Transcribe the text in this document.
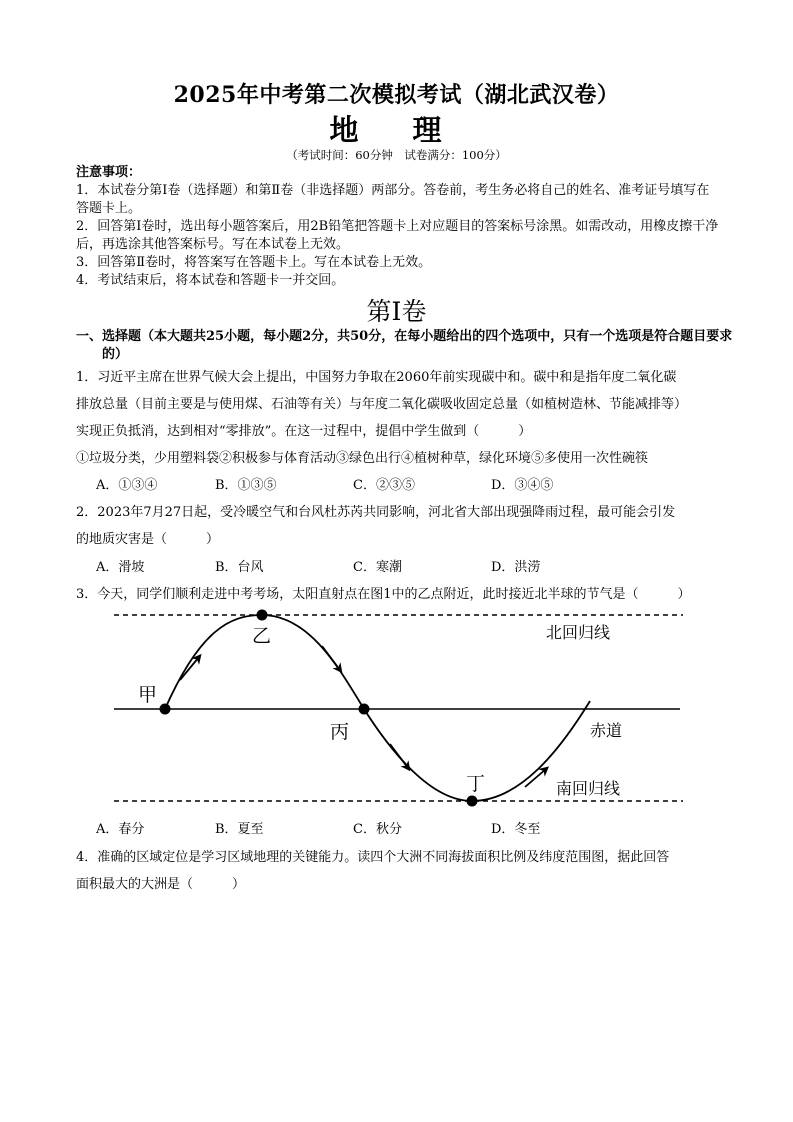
2025年中考第二次模拟考试（湖北武汉卷）
地 理
（考试时间：60分钟　试卷满分：100分）
注意事项：
1．本试卷分第Ⅰ卷（选择题）和第Ⅱ卷（非选择题）两部分。答卷前，考生务必将自己的姓名、准考证号填写在答题卡上。
2．回答第Ⅰ卷时，选出每小题答案后，用2B铅笔把答题卡上对应题目的答案标号涂黑。如需改动，用橡皮擦干净后，再选涂其他答案标号。写在本试卷上无效。
3．回答第Ⅱ卷时，将答案写在答题卡上。写在本试卷上无效。
4．考试结束后，将本试卷和答题卡一并交回。
第Ⅰ卷
一、选择题（本大题共25小题，每小题2分，共50分，在每小题给出的四个选项中，只有一个选项是符合题目要求的）
1．习近平主席在世界气候大会上提出，中国努力争取在2060年前实现碳中和。碳中和是指年度二氧化碳
排放总量（目前主要是与使用煤、石油等有关）与年度二氧化碳吸收固定总量（如植树造林、节能减排等）
实现正负抵消，达到相对“零排放”。在这一过程中，提倡中学生做到（　　　）
①垃圾分类，少用塑料袋②积极参与体育活动③绿色出行④植树种草，绿化环境⑤多使用一次性碗筷
A．①③④	B．①③⑤	C．②③⑤	D．③④⑤
2．2023年7月27日起，受冷暖空气和台风杜苏芮共同影响，河北省大部出现强降雨过程，最可能会引发
的地质灾害是（　　　）
A．滑坡	B．台风	C．寒潮	D．洪涝
3．今天，同学们顺利走进中考考场，太阳直射点在图1中的乙点附近，此时接近北半球的节气是（　　　）
甲
乙
丙
丁
北回归线
赤道
南回归线
A．春分	B．夏至	C．秋分	D．冬至
4．准确的区域定位是学习区域地理的关键能力。读四个大洲不同海拔面积比例及纬度范围图，据此回答
面积最大的大洲是（　　　）
